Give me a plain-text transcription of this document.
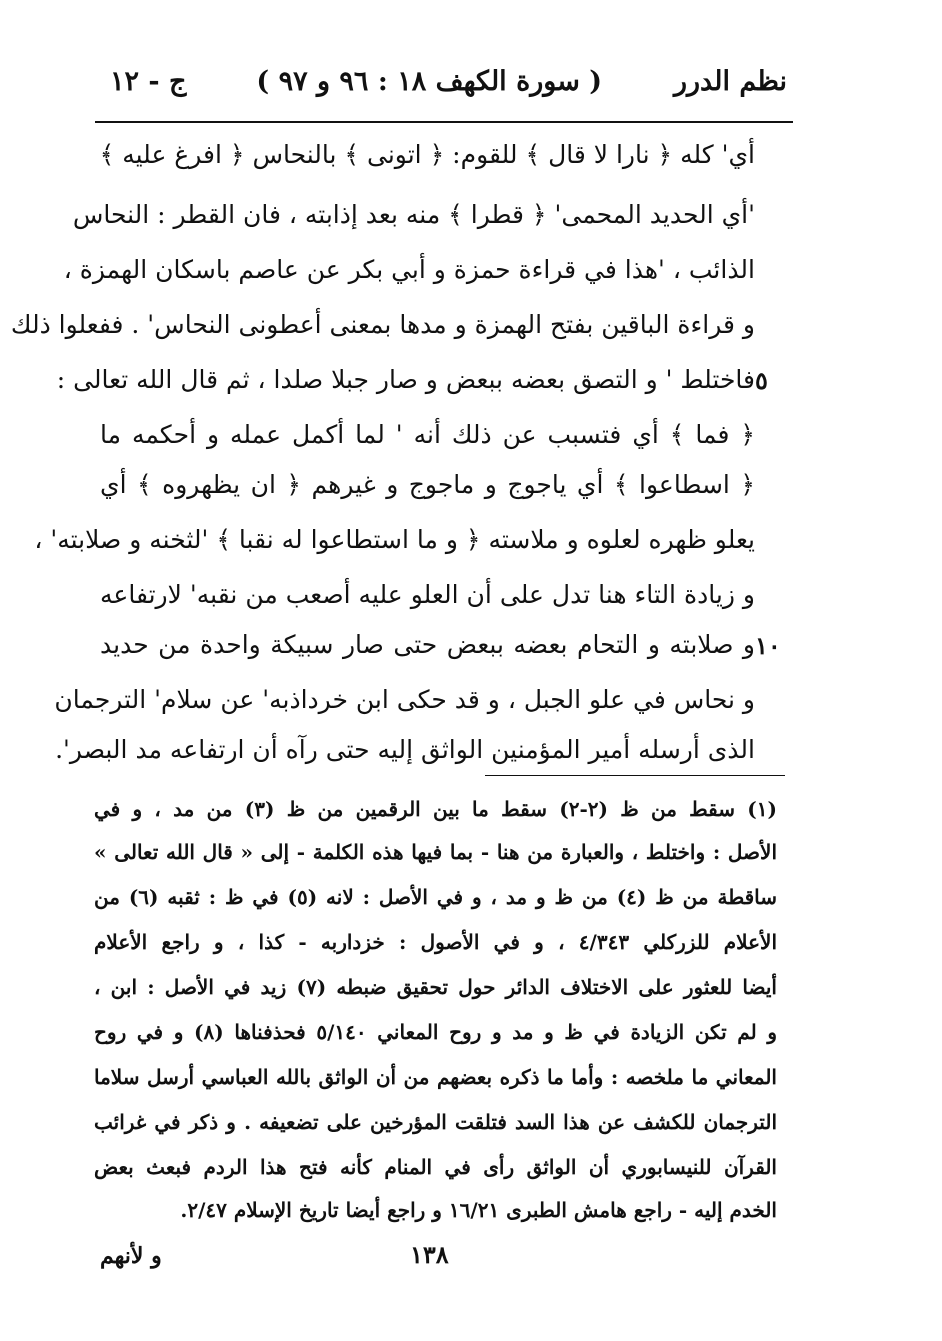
نظم الدرر
( سورة الكهف ١٨ : ٩٦ و ٩٧ )
ج - ١٢
أي' كله ﴿ نارا لا قال ﴾ للقوم: ﴿ اتونى ﴾ بالنحاس ﴿ افرغ عليه ﴾
'أي الحديد المحمى' ﴿ قطرا ﴾ منه بعد إذابته ، فان القطر : النحاس
الذائب ، 'هذا في قراءة حمزة و أبي بكر عن عاصم باسكان الهمزة ،
و قراءة الباقين بفتح الهمزة و مدها بمعنى أعطونى النحاس' . ففعلوا ذلك
فاختلط ' و التصق بعضه ببعض و صار جبلا صلدا ، ثم قال الله تعالى :
﴿ فما ﴾ أي فتسبب عن ذلك أنه ' لما أكمل عمله و أحكمه ما
﴿ اسطاعوا ﴾ أي ياجوج و ماجوج و غيرهم ﴿ ان يظهروه ﴾ أي
يعلو ظهره لعلوه و ملاسته ﴿ و ما استطاعوا له نقبا ﴾ 'لثخنه و صلابته' ،
و زيادة التاء هنا تدل على أن العلو عليه أصعب من نقبه' لارتفاعه
و صلابته و التحام بعضه ببعض حتى صار سبيكة واحدة من حديد
و نحاس في علو الجبل ، و قد حكى ابن خرداذبه' عن سلام' الترجمان
الذى أرسله أمير المؤمنين الواثق إليه حتى رآه أن ارتفاعه مد البصر'.
٥
١٠
(١) سقط من ظ (٢-٢) سقط ما بين الرقمين من ظ (٣) من مد ، و في
الأصل : واختلط ، والعبارة من هنا - بما فيها هذه الكلمة - إلى « قال الله تعالى »
ساقطة من ظ (٤) من ظ و مد ، و في الأصل : لانه (٥) في ظ : ثقبه (٦) من
الأعلام للزركلي ٤/٣٤٣ ، و في الأصول : خزداربه - كذا ، و راجع الأعلام
أيضا للعثور على الاختلاف الدائر حول تحقيق ضبطه (٧) زيد في الأصل : ابن ،
و لم تكن الزيادة في ظ و مد و روح المعاني ٥/١٤٠ فحذفناها (٨) و في روح
المعاني ما ملخصه : وأما ما ذكره بعضهم من أن الواثق بالله العباسي أرسل سلاما
الترجمان للكشف عن هذا السد فتلقت المؤرخين على تضعيفه . و ذكر في غرائب
القرآن للنيسابوري أن الواثق رأى في المنام كأنه فتح هذا الردم فبعث بعض
الخدم إليه - راجع هامش الطبرى ١٦/٢١ و راجع أيضا تاريخ الإسلام ٢/٤٧.
١٣٨
و لأنهم
